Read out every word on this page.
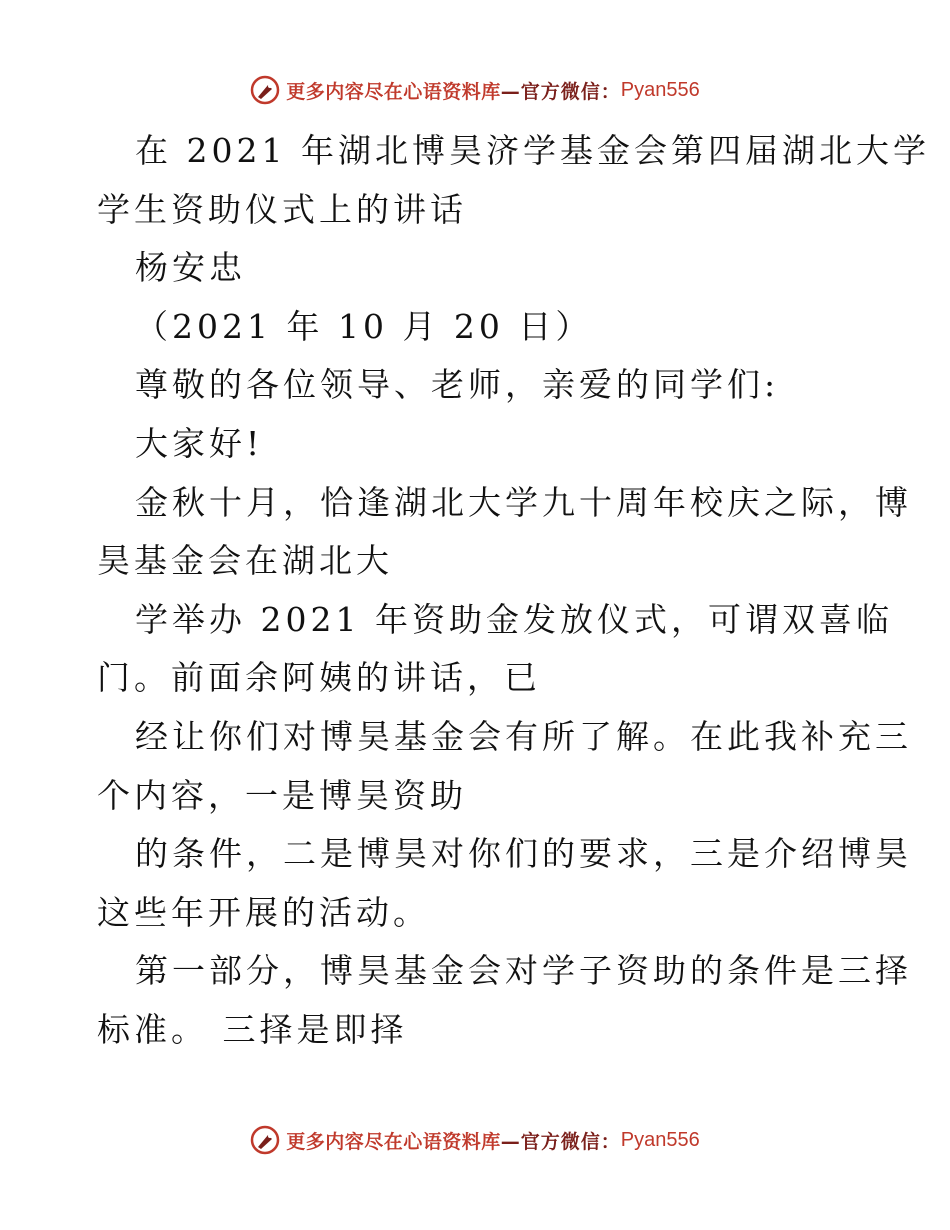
更多内容尽在心语资料库 —官方微信： Pyan556
在 2021 年湖北博昊济学基金会第四届湖北大学
学生资助仪式上的讲话
杨安忠
（2021 年 10 月 20 日）
尊敬的各位领导、老师，亲爱的同学们:
大家好!
金秋十月，恰逢湖北大学九十周年校庆之际，博
昊基金会在湖北大
学举办 2021 年资助金发放仪式，可谓双喜临
门。前面余阿姨的讲话，已
经让你们对博昊基金会有所了解。在此我补充三
个内容，一是博昊资助
的条件，二是博昊对你们的要求，三是介绍博昊
这些年开展的活动。
第一部分，博昊基金会对学子资助的条件是三择
标准。 三择是即择
更多内容尽在心语资料库 —官方微信： Pyan556
